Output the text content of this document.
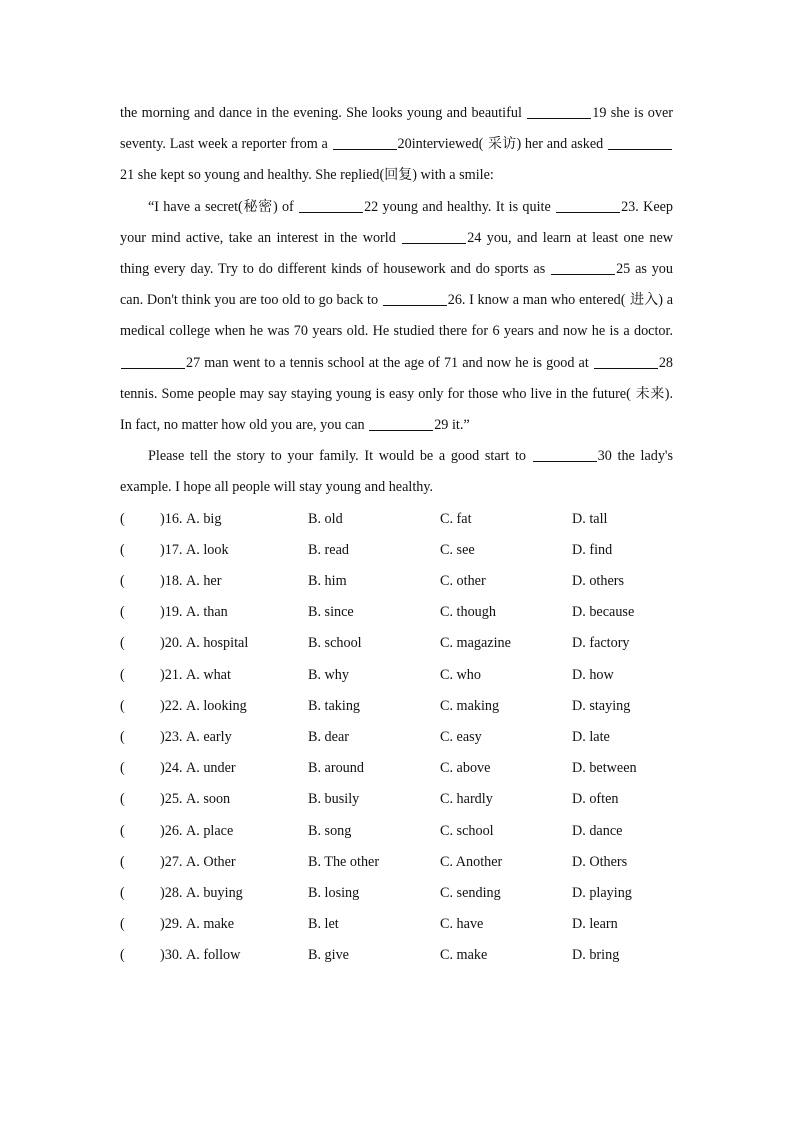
the morning and dance in the evening. She looks young and beautiful	19 she is over seventy. Last week a reporter from a	20interviewed( 采访) her and asked 21 she kept so young and healthy. She replied(回复) with a smile:

“I have a secret(秘密) of	22 young and healthy. It is quite	23. Keep your mind active, take an interest in the world	24 you, and learn at least one new thing every day. Try to do different kinds of housework and do sports as	25 as you can. Don't think you are too old to go back to	26. I know a man who entered( 进入) a medical college when he was 70 years old. He studied there for 6 years and now he is a doctor. 27 man went to a tennis school at the age of 71 and now he is good at	28 tennis. Some people may say staying young is easy only for those who live in the future( 未来). In fact, no matter how old you are, you can	29 it.”

Please tell the story to your family. It would be a good start to	30 the lady's example. I hope all people will stay young and healthy.

( )16. A. big	B. old	C. fat	D. tall
( )17. A. look	B. read	C. see	D. find
( )18. A. her	B. him	C. other	D. others
( )19. A. than	B. since	C. though	D. because
( )20. A. hospital	B. school	C. magazine	D. factory
( )21. A. what	B. why	C. who	D. how
( )22. A. looking	B. taking	C. making	D. staying
( )23. A. early	B. dear	C. easy	D. late
( )24. A. under	B. around	C. above	D. between
( )25. A. soon	B. busily	C. hardly	D. often
( )26. A. place	B. song	C. school	D. dance
( )27. A. Other	B. The other	C. Another	D. Others
( )28. A. buying	B. losing	C. sending	D. playing
( )29. A. make	B. let	C. have	D. learn
( )30. A. follow	B. give	C. make	D. bring
